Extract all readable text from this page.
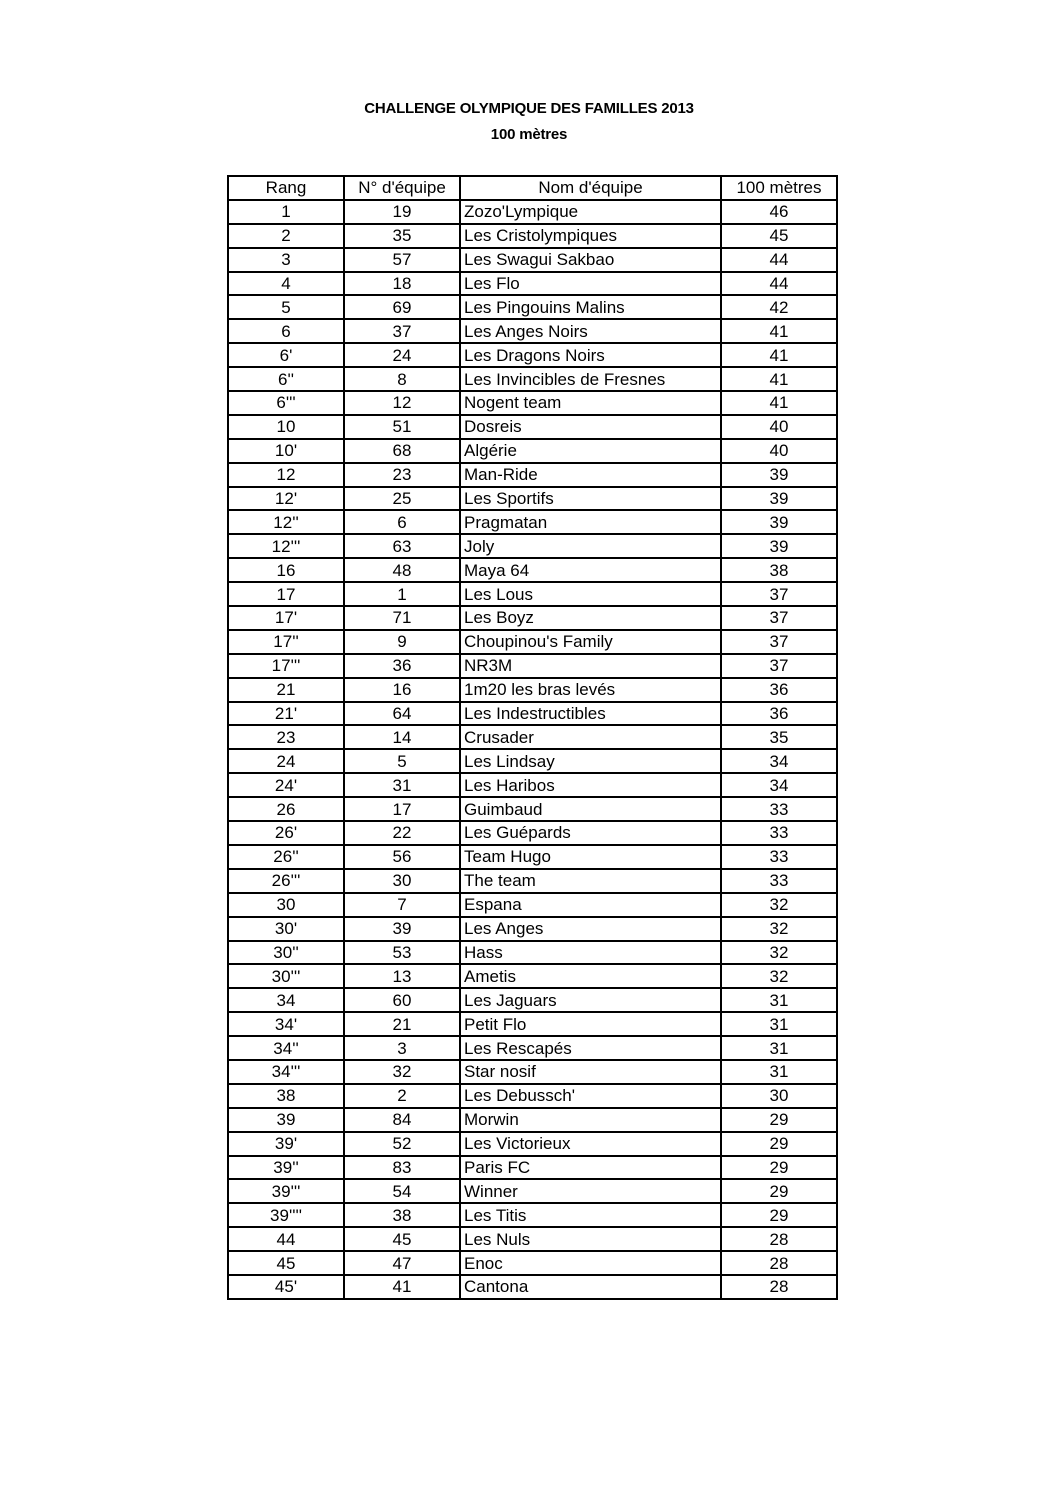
CHALLENGE OLYMPIQUE DES FAMILLES 2013
100 mètres
Rang	N° d'équipe	Nom d'équipe	100 mètres
1	19	Zozo'Lympique	46
2	35	Les Cristolympiques	45
3	57	Les Swagui Sakbao	44
4	18	Les Flo	44
5	69	Les Pingouins Malins	42
6	37	Les Anges Noirs	41
6'	24	Les Dragons Noirs	41
6''	8	Les Invincibles de Fresnes	41
6'''	12	Nogent team	41
10	51	Dosreis	40
10'	68	Algérie	40
12	23	Man-Ride	39
12'	25	Les Sportifs	39
12''	6	Pragmatan	39
12'''	63	Joly	39
16	48	Maya 64	38
17	1	Les Lous	37
17'	71	Les Boyz	37
17''	9	Choupinou's Family	37
17'''	36	NR3M	37
21	16	1m20 les bras levés	36
21'	64	Les Indestructibles	36
23	14	Crusader	35
24	5	Les Lindsay	34
24'	31	Les Haribos	34
26	17	Guimbaud	33
26'	22	Les Guépards	33
26''	56	Team Hugo	33
26'''	30	The team	33
30	7	Espana	32
30'	39	Les Anges	32
30''	53	Hass	32
30'''	13	Ametis	32
34	60	Les Jaguars	31
34'	21	Petit Flo	31
34''	3	Les Rescapés	31
34'''	32	Star nosif	31
38	2	Les Debussch'	30
39	84	Morwin	29
39'	52	Les Victorieux	29
39''	83	Paris FC	29
39'''	54	Winner	29
39''''	38	Les Titis	29
44	45	Les Nuls	28
45	47	Enoc	28
45'	41	Cantona	28
